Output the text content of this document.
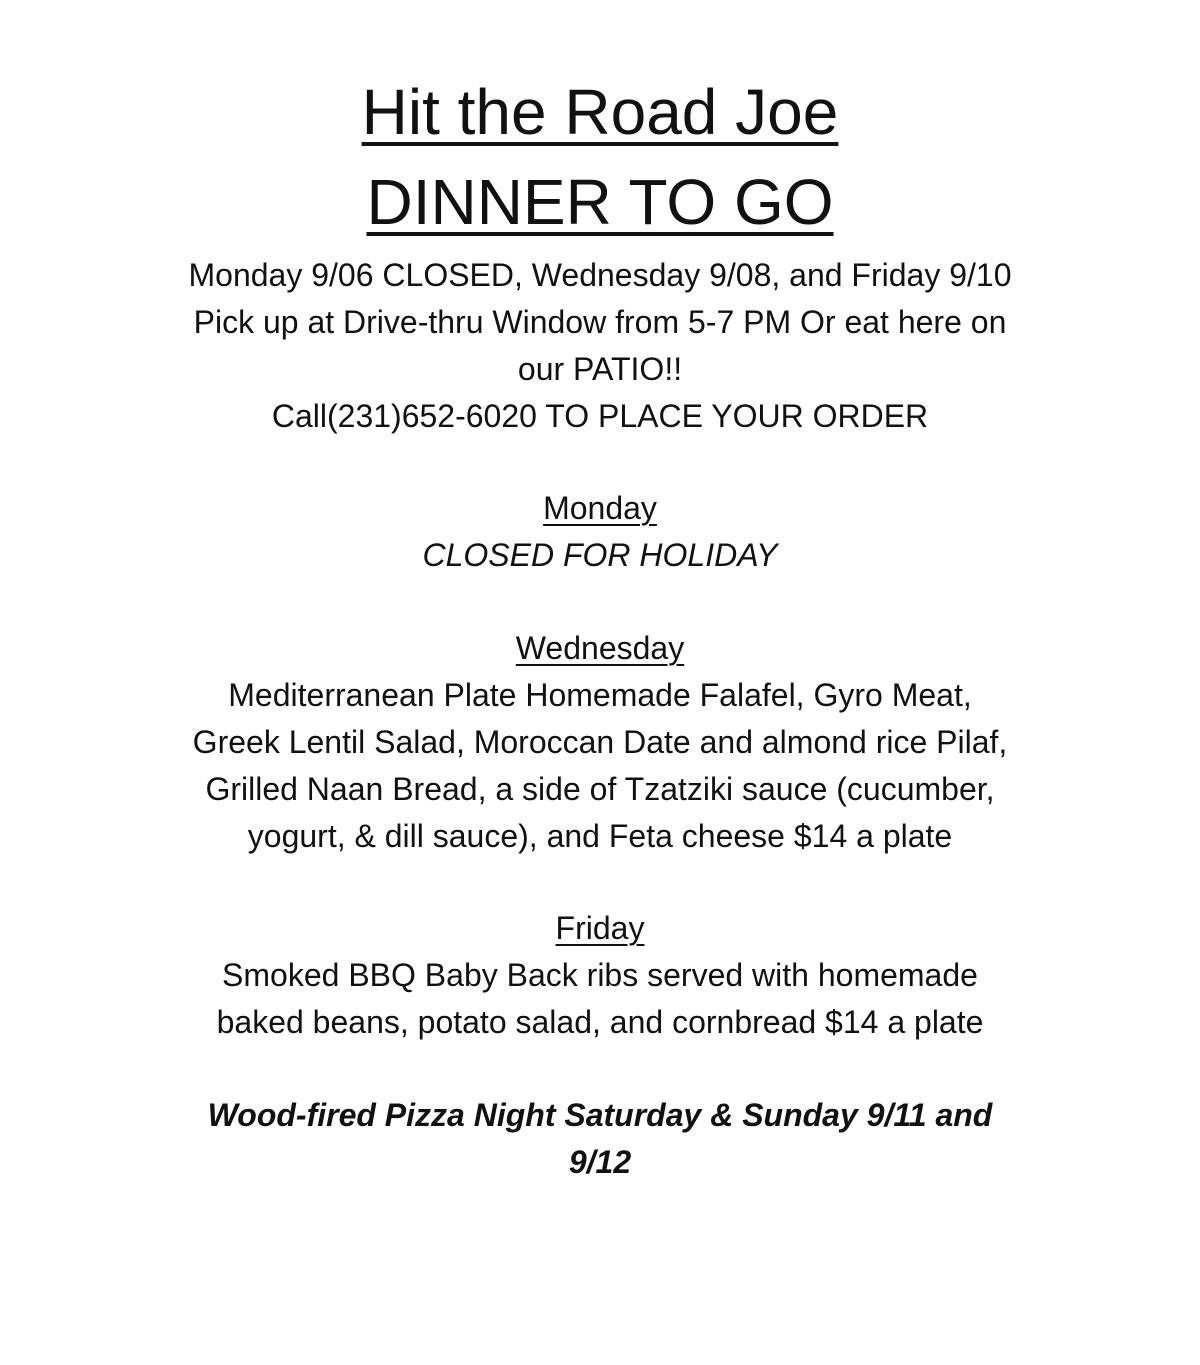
Hit the Road Joe
DINNER TO GO
Monday 9/06 CLOSED, Wednesday 9/08, and Friday 9/10
Pick up at Drive-thru Window from 5-7 PM Or eat here on
our PATIO!!
Call(231)652-6020 TO PLACE YOUR ORDER
Monday
CLOSED FOR HOLIDAY
Wednesday
Mediterranean Plate Homemade Falafel, Gyro Meat,
Greek Lentil Salad, Moroccan Date and almond rice Pilaf,
Grilled Naan Bread, a side of Tzatziki sauce (cucumber,
yogurt, & dill sauce), and Feta cheese $14 a plate
Friday
Smoked BBQ Baby Back ribs served with homemade
baked beans, potato salad, and cornbread $14 a plate
Wood-fired Pizza Night Saturday & Sunday 9/11 and
9/12
